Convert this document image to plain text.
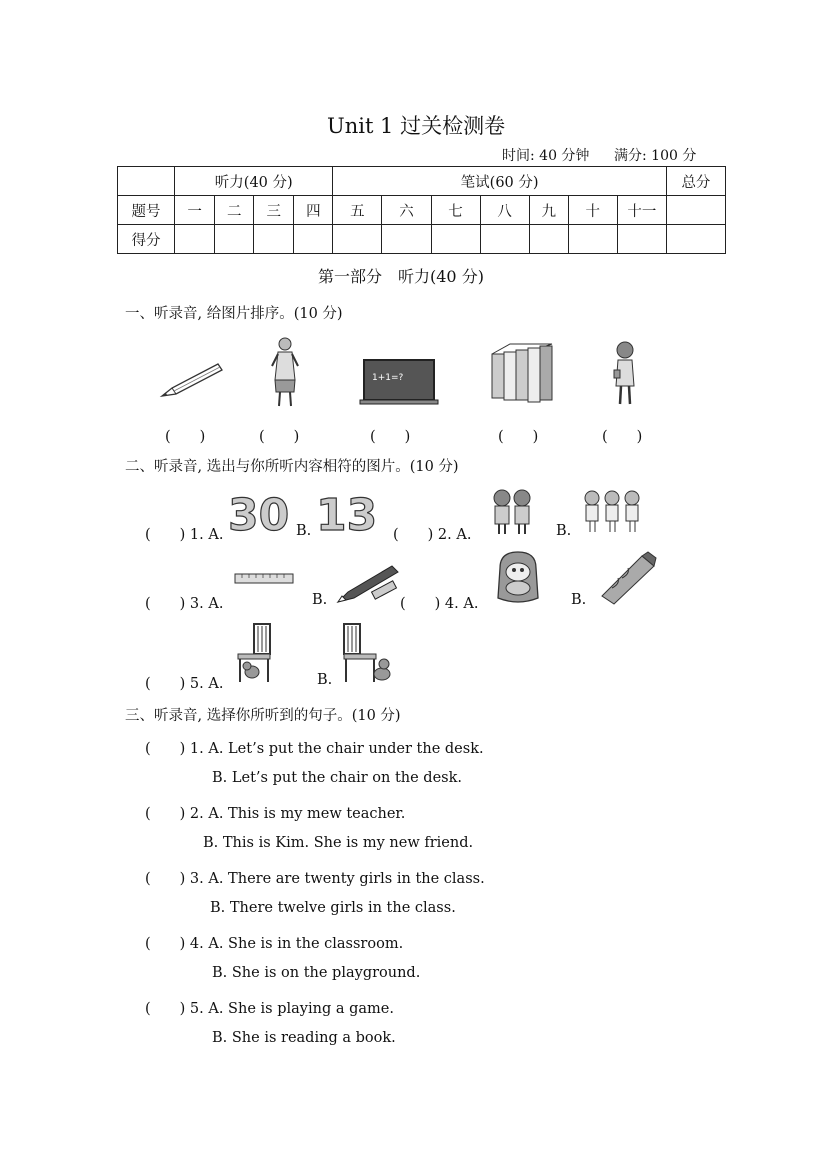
Unit 1 过关检测卷
时间: 40 分钟 满分: 100 分
	听力(40 分)				笔试(60 分)							总分
题号	一	二	三	四	五	六	七	八	九	十	十一	
得分												
第一部分　听力(40 分)
一、听录音, 给图片排序。(10 分)
1+1=?
(　　)	(　　)	(　　)	(　　)	(　　)
二、听录音, 选出与你所听内容相符的图片。(10 分)
(　　) 1. A. 30 B. 13 (　　) 2. A.	B.
(　　) 3. A.	B.	(　　) 4. A.	B.
(　　) 5. A.	B.
三、听录音, 选择你所听到的句子。(10 分)
(　　) 1. A. Let’s put the chair under the desk.
B. Let’s put the chair on the desk.
(　　) 2. A. This is my mew teacher.
B. This is Kim. She is my new friend.
(　　) 3. A. There are twenty girls in the class.
B. There twelve girls in the class.
(　　) 4. A. She is in the classroom.
B. She is on the playground.
(　　) 5. A. She is playing a game.
B. She is reading a book.
